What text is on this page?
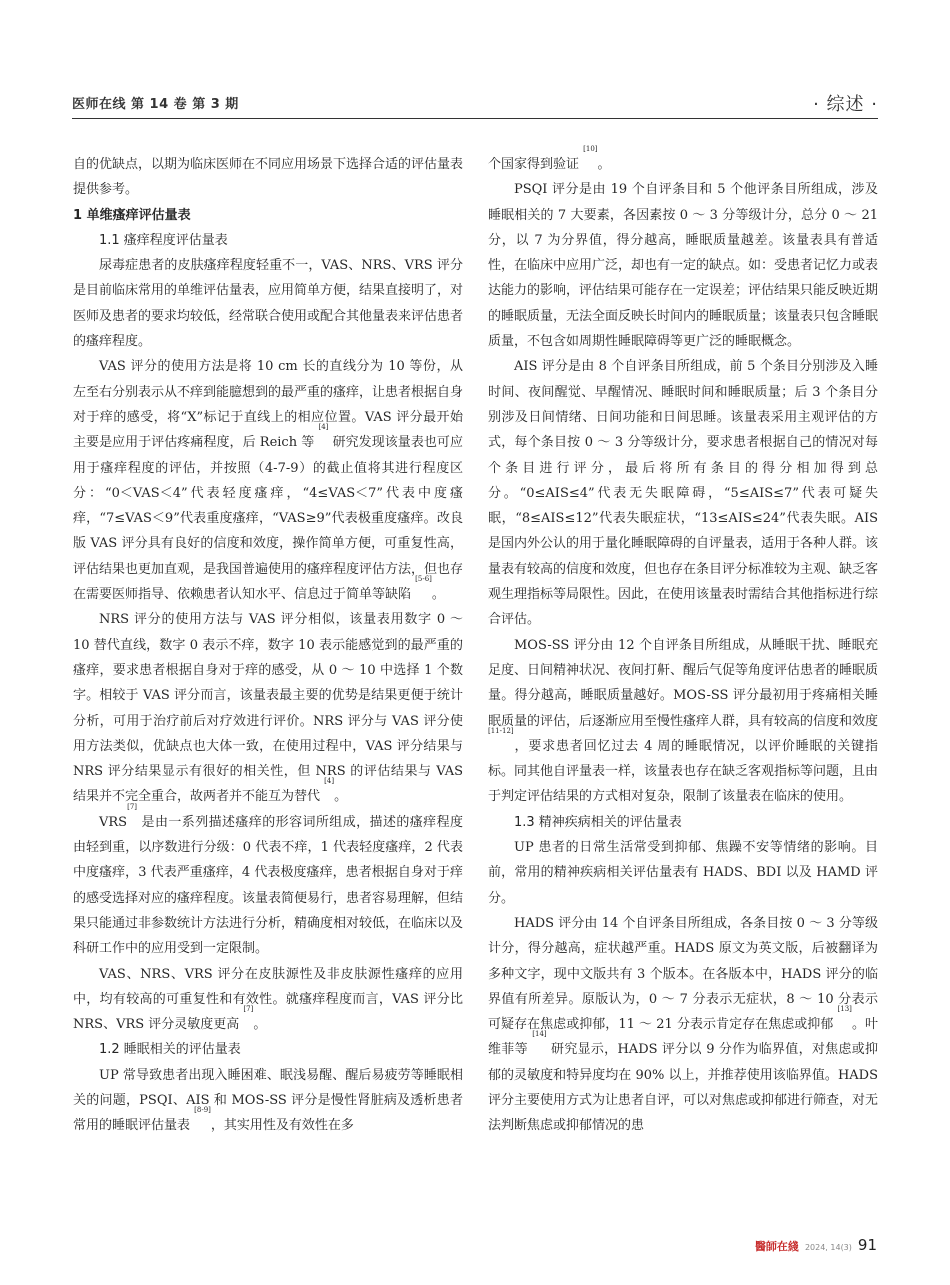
医师在线 第 14 卷 第 3 期	· 综述 ·

自的优缺点，以期为临床医师在不同应用场景下选择合适的评估量表提供参考。

1 单维瘙痒评估量表

1.1 瘙痒程度评估量表

尿毒症患者的皮肤瘙痒程度轻重不一，VAS、NRS、VRS 评分是目前临床常用的单维评估量表，应用简单方便，结果直接明了，对医师及患者的要求均较低，经常联合使用或配合其他量表来评估患者的瘙痒程度。

VAS 评分的使用方法是将 10 cm 长的直线分为 10 等份，从左至右分别表示从不痒到能臆想到的最严重的瘙痒，让患者根据自身对于痒的感受，将“X”标记于直线上的相应位置。VAS 评分最开始主要是应用于评估疼痛程度，后 Reich 等 [4] 研究发现该量表也可应用于瘙痒程度的评估，并按照（4-7-9）的截止值将其进行程度区分：“0＜VAS＜4”代表轻度瘙痒，“4≤VAS＜7”代表中度瘙痒，“7≤VAS＜9”代表重度瘙痒，“VAS≥9”代表极重度瘙痒。改良版 VAS 评分具有良好的信度和效度，操作简单方便，可重复性高，评估结果也更加直观，是我国普遍使用的瘙痒程度评估方法，但也存在需要医师指导、依赖患者认知水平、信息过于简单等缺陷 [5-6]。

NRS 评分的使用方法与 VAS 评分相似，该量表用数字 0 ～ 10 替代直线，数字 0 表示不痒，数字 10 表示能感觉到的最严重的瘙痒，要求患者根据自身对于痒的感受，从 0 ～ 10 中选择 1 个数字。相较于 VAS 评分而言，该量表最主要的优势是结果更便于统计分析，可用于治疗前后对疗效进行评价。NRS 评分与 VAS 评分使用方法类似，优缺点也大体一致，在使用过程中，VAS 评分结果与 NRS 评分结果显示有很好的相关性，但 NRS 的评估结果与 VAS 结果并不完全重合，故两者并不能互为替代 [4]。

VRS[7] 是由一系列描述瘙痒的形容词所组成，描述的瘙痒程度由轻到重，以序数进行分级：0 代表不痒，1 代表轻度瘙痒，2 代表中度瘙痒，3 代表严重瘙痒，4 代表极度瘙痒，患者根据自身对于痒的感受选择对应的瘙痒程度。该量表简便易行，患者容易理解，但结果只能通过非参数统计方法进行分析，精确度相对较低，在临床以及科研工作中的应用受到一定限制。

VAS、NRS、VRS 评分在皮肤源性及非皮肤源性瘙痒的应用中，均有较高的可重复性和有效性。就瘙痒程度而言，VAS 评分比 NRS、VRS 评分灵敏度更高 [7]。

1.2 睡眠相关的评估量表

UP 常导致患者出现入睡困难、眠浅易醒、醒后易疲劳等睡眠相关的问题，PSQI、AIS 和 MOS-SS 评分是慢性肾脏病及透析患者常用的睡眠评估量表 [8-9]，其实用性及有效性在多

个国家得到验证 [10]。

PSQI 评分是由 19 个自评条目和 5 个他评条目所组成，涉及睡眠相关的 7 大要素，各因素按 0 ～ 3 分等级计分，总分 0 ～ 21 分，以 7 为分界值，得分越高，睡眠质量越差。该量表具有普适性，在临床中应用广泛，却也有一定的缺点。如：受患者记忆力或表达能力的影响，评估结果可能存在一定误差；评估结果只能反映近期的睡眠质量，无法全面反映长时间内的睡眠质量；该量表只包含睡眠质量，不包含如周期性睡眠障碍等更广泛的睡眠概念。

AIS 评分是由 8 个自评条目所组成，前 5 个条目分别涉及入睡时间、夜间醒觉、早醒情况、睡眠时间和睡眠质量；后 3 个条目分别涉及日间情绪、日间功能和日间思睡。该量表采用主观评估的方式，每个条目按 0 ～ 3 分等级计分，要求患者根据自己的情况对每个条目进行评分，最后将所有条目的得分相加得到总分。“0≤AIS≤4”代表无失眠障碍，“5≤AIS≤7”代表可疑失眠，“8≤AIS≤12”代表失眠症状，“13≤AIS≤24”代表失眠。AIS 是国内外公认的用于量化睡眠障碍的自评量表，适用于各种人群。该量表有较高的信度和效度，但也存在条目评分标准较为主观、缺乏客观生理指标等局限性。因此，在使用该量表时需结合其他指标进行综合评估。

MOS-SS 评分由 12 个自评条目所组成，从睡眠干扰、睡眠充足度、日间精神状况、夜间打鼾、醒后气促等角度评估患者的睡眠质量。得分越高，睡眠质量越好。MOS-SS 评分最初用于疼痛相关睡眠质量的评估，后逐渐应用至慢性瘙痒人群，具有较高的信度和效度 [11-12]，要求患者回忆过去 4 周的睡眠情况，以评价睡眠的关键指标。同其他自评量表一样，该量表也存在缺乏客观指标等问题，且由于判定评估结果的方式相对复杂，限制了该量表在临床的使用。

1.3 精神疾病相关的评估量表

UP 患者的日常生活常受到抑郁、焦躁不安等情绪的影响。目前，常用的精神疾病相关评估量表有 HADS、BDI 以及 HAMD 评分。

HADS 评分由 14 个自评条目所组成，各条目按 0 ～ 3 分等级计分，得分越高，症状越严重。HADS 原文为英文版，后被翻译为多种文字，现中文版共有 3 个版本。在各版本中，HADS 评分的临界值有所差异。原版认为，0 ～ 7 分表示无症状，8 ～ 10 分表示可疑存在焦虑或抑郁，11 ～ 21 分表示肯定存在焦虑或抑郁 [13]。叶维菲等 [14] 研究显示，HADS 评分以 9 分作为临界值，对焦虑或抑郁的灵敏度和特异度均在 90% 以上，并推荐使用该临界值。HADS 评分主要使用方式为让患者自评，可以对焦虑或抑郁进行筛查，对无法判断焦虑或抑郁情况的患

醫師在綫 2024, 14(3) 91
